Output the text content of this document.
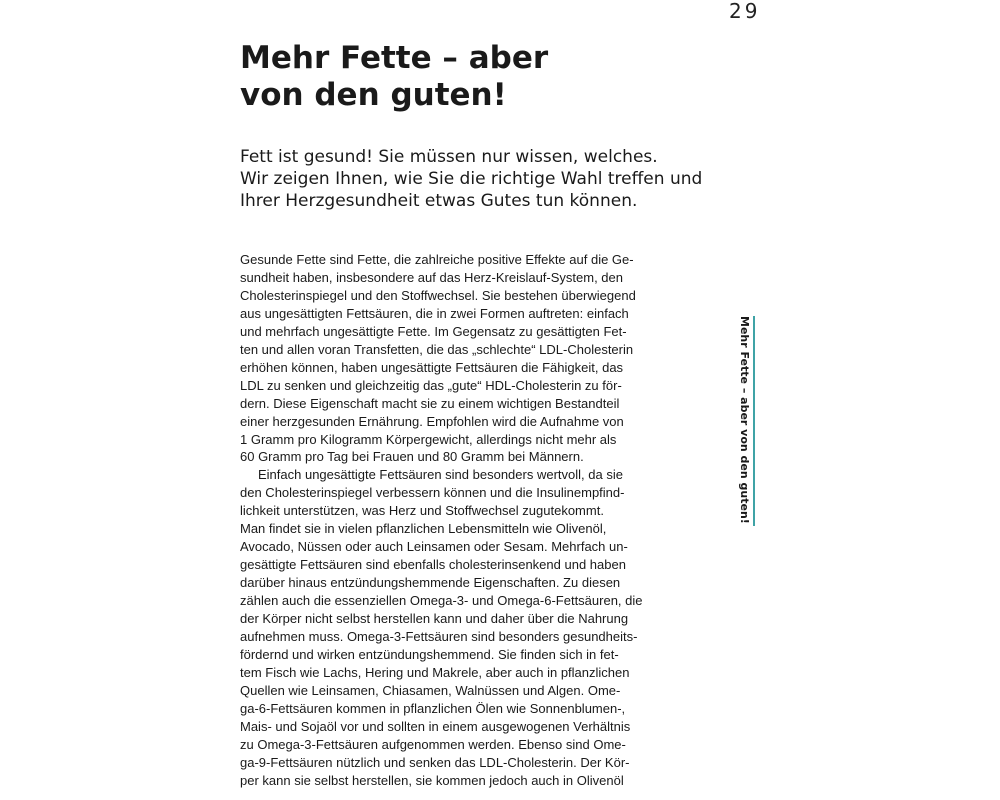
29
Mehr Fette – aber
von den guten!
Fett ist gesund! Sie müssen nur wissen, welches.
Wir zeigen Ihnen, wie Sie die richtige Wahl treffen und
Ihrer Herzgesundheit etwas Gutes tun können.
Gesunde Fette sind Fette, die zahlreiche positive Effekte auf die Ge-
sundheit haben, insbesondere auf das Herz-Kreislauf-System, den
Cholesterinspiegel und den Stoffwechsel. Sie bestehen überwiegend
aus ungesättigten Fettsäuren, die in zwei Formen auftreten: einfach
und mehrfach ungesättigte Fette. Im Gegensatz zu gesättigten Fet-
ten und allen voran Transfetten, die das „schlechte“ LDL-Cholesterin
erhöhen können, haben ungesättigte Fettsäuren die Fähigkeit, das
LDL zu senken und gleichzeitig das „gute“ HDL-Cholesterin zu för-
dern. Diese Eigenschaft macht sie zu einem wichtigen Bestandteil
einer herzgesunden Ernährung. Empfohlen wird die Aufnahme von
1 Gramm pro Kilogramm Körpergewicht, allerdings nicht mehr als
60 Gramm pro Tag bei Frauen und 80 Gramm bei Männern.
Einfach ungesättigte Fettsäuren sind besonders wertvoll, da sie
den Cholesterinspiegel verbessern können und die Insulinempfind-
lichkeit unterstützen, was Herz und Stoffwechsel zugutekommt.
Man findet sie in vielen pflanzlichen Lebensmitteln wie Olivenöl,
Avocado, Nüssen oder auch Leinsamen oder Sesam. Mehrfach un-
gesättigte Fettsäuren sind ebenfalls cholesterinsenkend und haben
darüber hinaus entzündungshemmende Eigenschaften. Zu diesen
zählen auch die essenziellen Omega-3- und Omega-6-Fettsäuren, die
der Körper nicht selbst herstellen kann und daher über die Nahrung
aufnehmen muss. Omega-3-Fettsäuren sind besonders gesundheits-
fördernd und wirken entzündungshemmend. Sie finden sich in fet-
tem Fisch wie Lachs, Hering und Makrele, aber auch in pflanzlichen
Quellen wie Leinsamen, Chiasamen, Walnüssen und Algen. Ome-
ga-6-Fettsäuren kommen in pflanzlichen Ölen wie Sonnenblumen-,
Mais- und Sojaöl vor und sollten in einem ausgewogenen Verhältnis
zu Omega-3-Fettsäuren aufgenommen werden. Ebenso sind Ome-
ga-9-Fettsäuren nützlich und senken das LDL-Cholesterin. Der Kör-
per kann sie selbst herstellen, sie kommen jedoch auch in Olivenöl
Mehr Fette – aber von den guten!
